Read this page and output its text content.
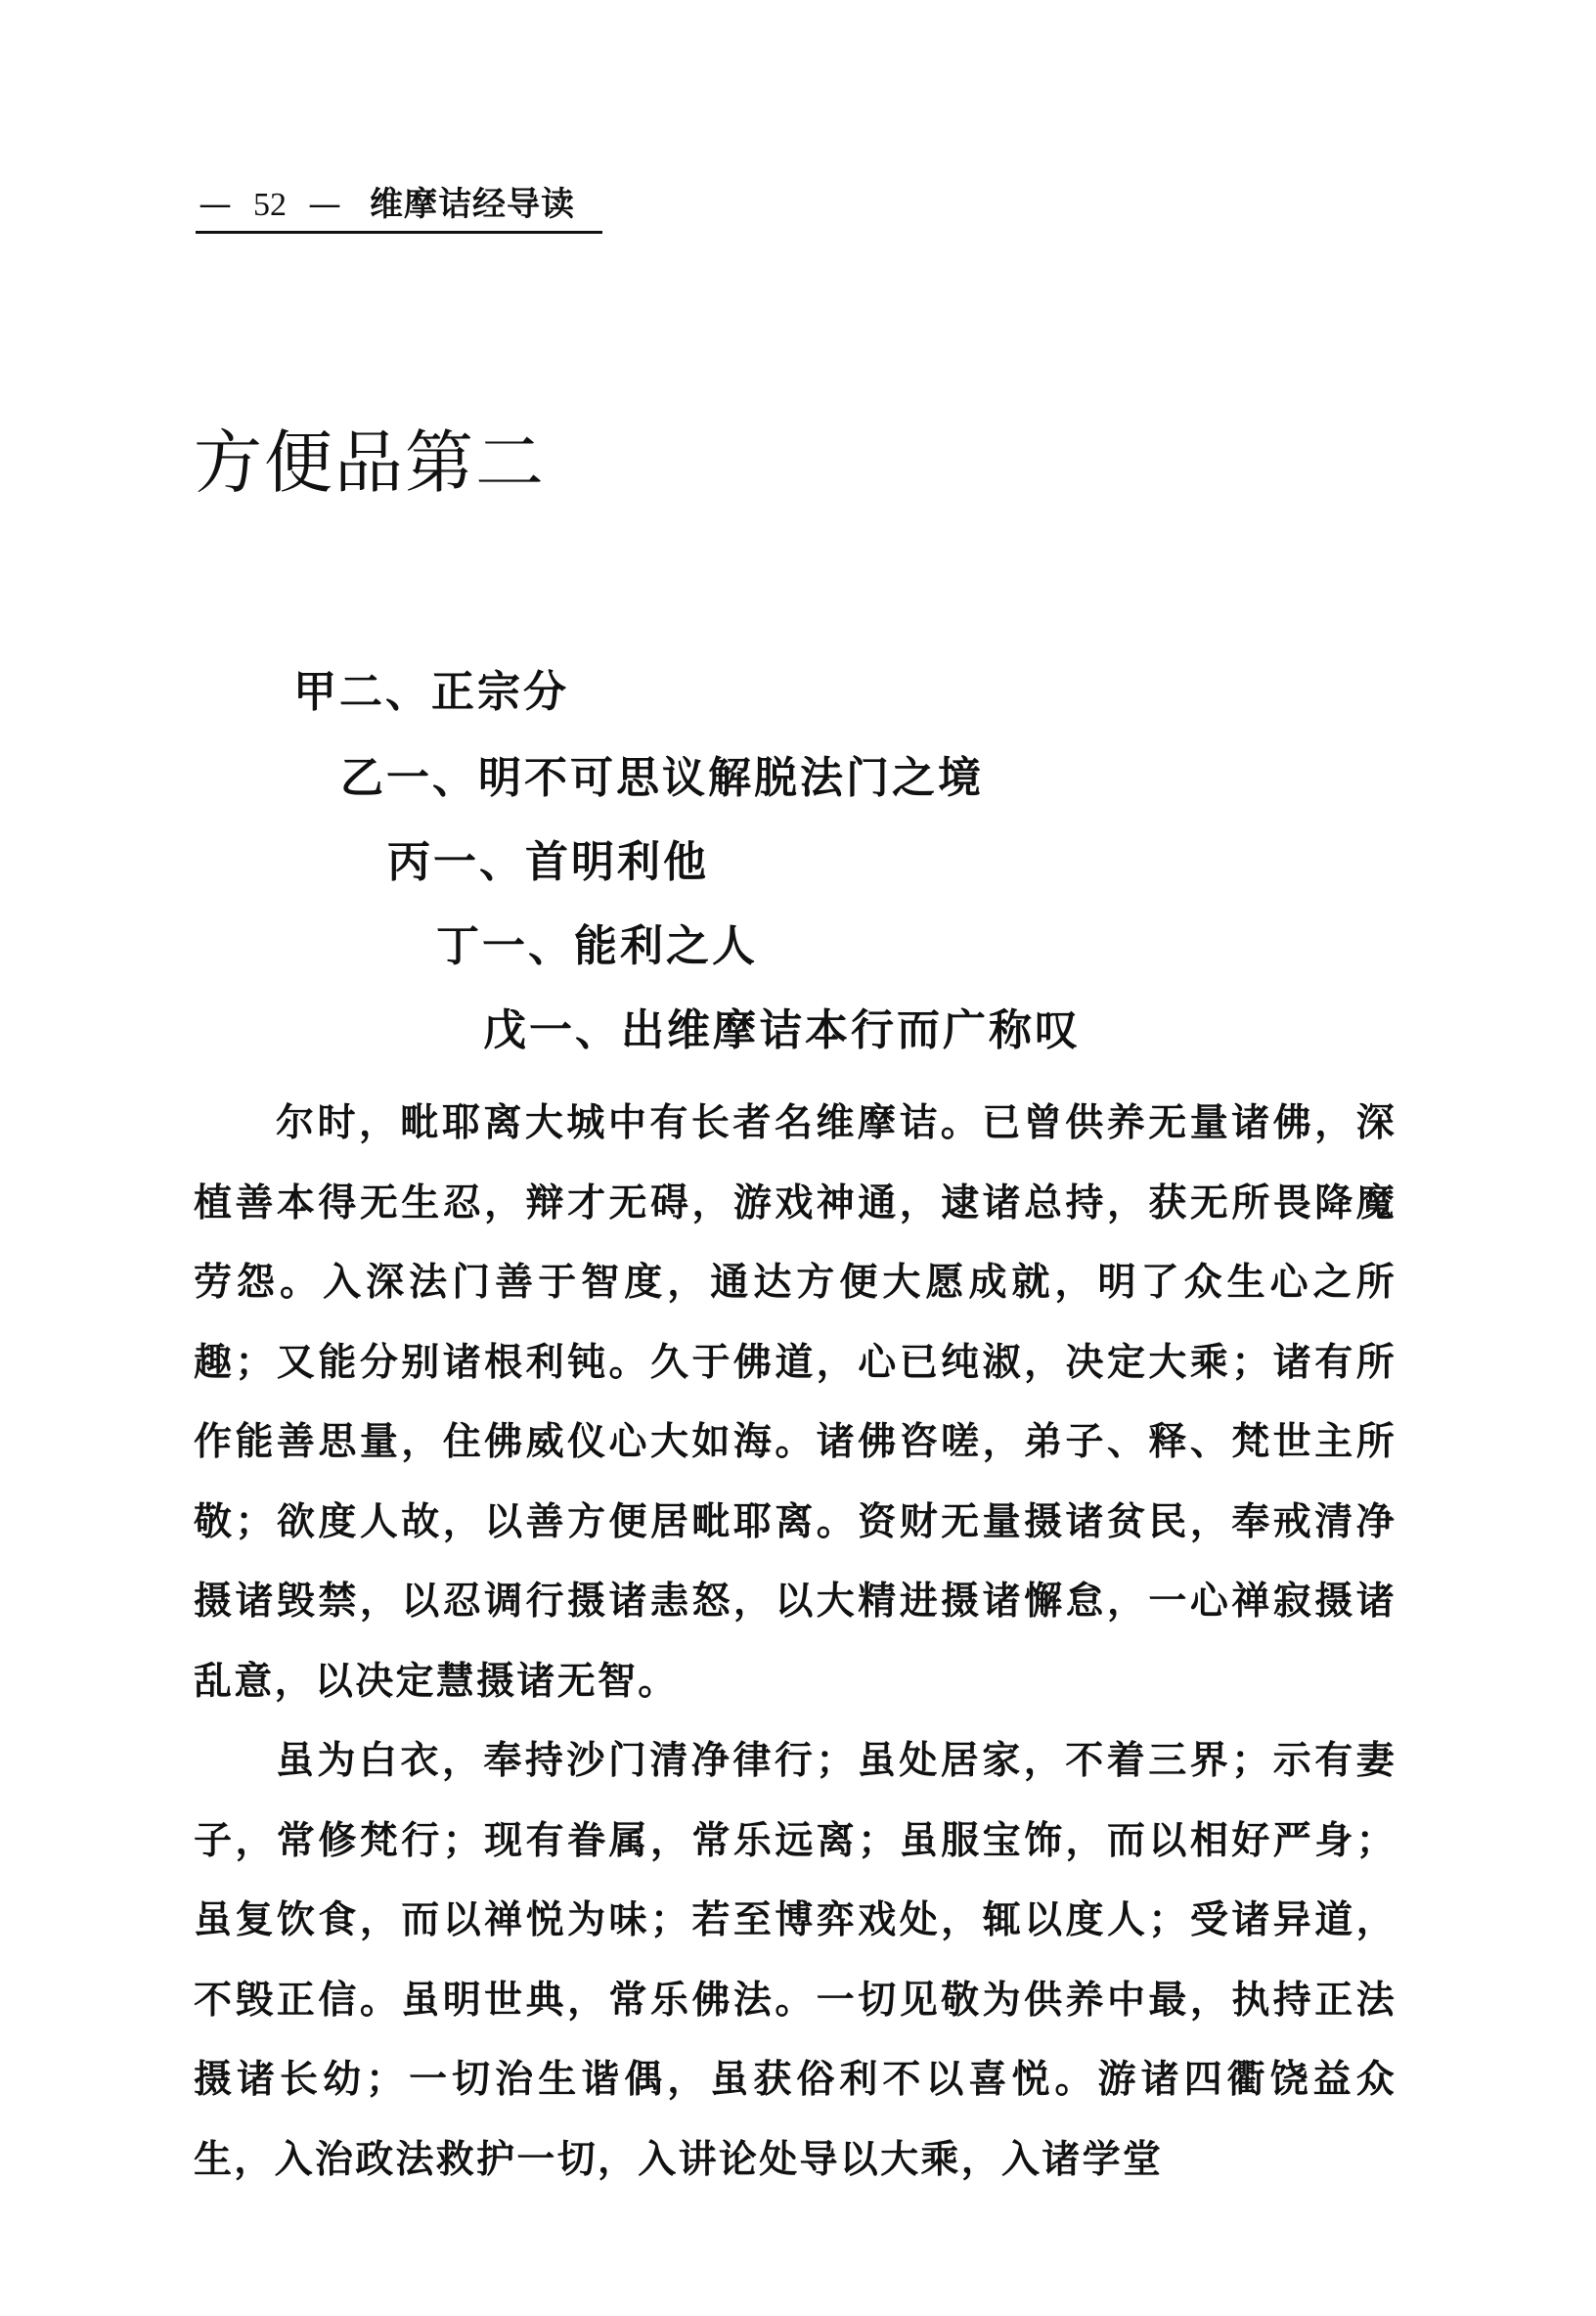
— 52 — 维摩诘经导读
方便品第二
甲二、正宗分
乙一、明不可思议解脱法门之境
丙一、首明利他
丁一、能利之人
戊一、出维摩诘本行而广称叹

尔时，毗耶离大城中有长者名维摩诘。已曾供养无量诸佛，深植善本得无生忍，辩才无碍，游戏神通，逮诸总持，获无所畏降魔劳怨。入深法门善于智度，通达方便大愿成就，明了众生心之所趣；又能分别诸根利钝。久于佛道，心已纯淑，决定大乘；诸有所作能善思量，住佛威仪心大如海。诸佛咨嗟，弟子、释、梵世主所敬；欲度人故，以善方便居毗耶离。资财无量摄诸贫民，奉戒清净摄诸毁禁，以忍调行摄诸恚怒，以大精进摄诸懈怠，一心禅寂摄诸乱意，以决定慧摄诸无智。

虽为白衣，奉持沙门清净律行；虽处居家，不着三界；示有妻子，常修梵行；现有眷属，常乐远离；虽服宝饰，而以相好严身；虽复饮食，而以禅悦为味；若至博弈戏处，辄以度人；受诸异道，不毁正信。虽明世典，常乐佛法。一切见敬为供养中最，执持正法摄诸长幼；一切治生谐偶，虽获俗利不以喜悦。游诸四衢饶益众生，入治政法救护一切，入讲论处导以大乘，入诸学堂
